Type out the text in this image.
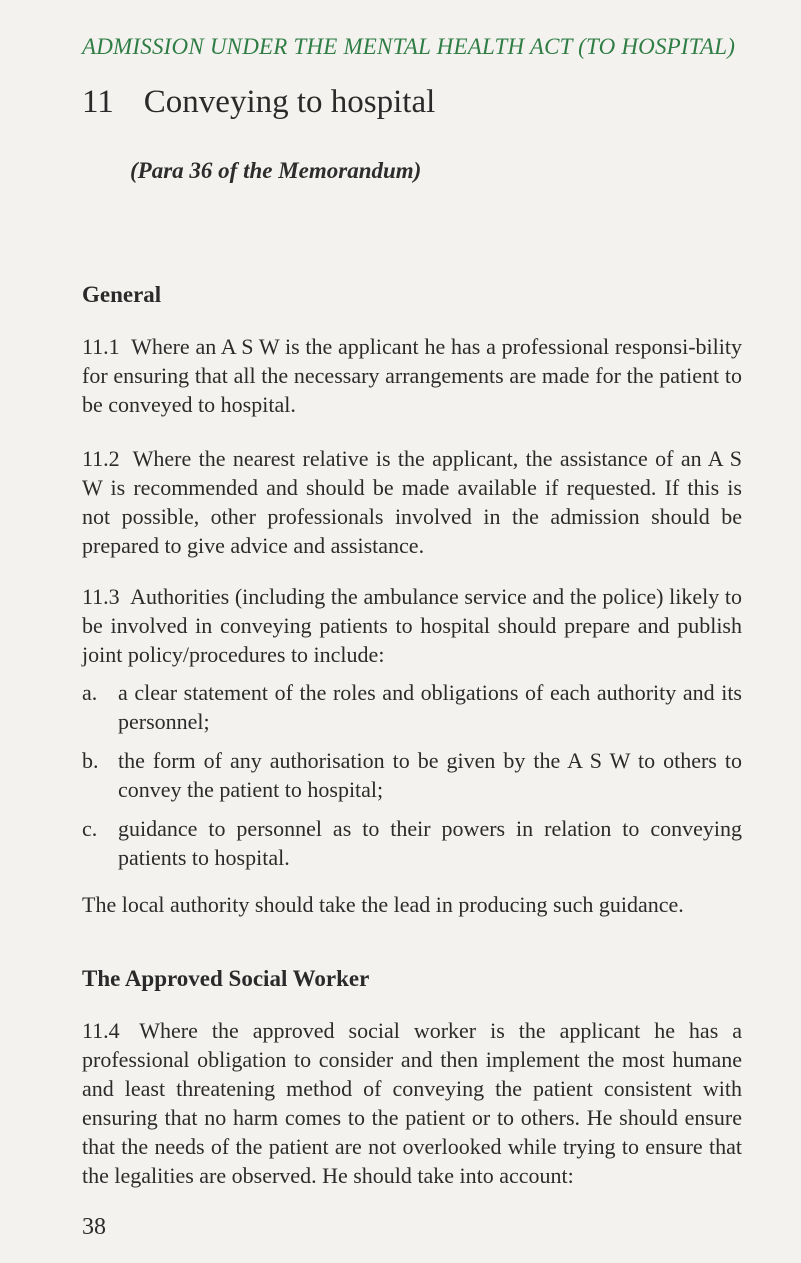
ADMISSION UNDER THE MENTAL HEALTH ACT (TO HOSPITAL)
11 Conveying to hospital
(Para 36 of the Memorandum)
General
11.1 Where an A S W is the applicant he has a professional responsi-bility for ensuring that all the necessary arrangements are made for the patient to be conveyed to hospital.
11.2 Where the nearest relative is the applicant, the assistance of an A S W is recommended and should be made available if requested. If this is not possible, other professionals involved in the admission should be prepared to give advice and assistance.
11.3 Authorities (including the ambulance service and the police) likely to be involved in conveying patients to hospital should prepare and publish joint policy/procedures to include:
a. a clear statement of the roles and obligations of each authority and its personnel;
b. the form of any authorisation to be given by the A S W to others to convey the patient to hospital;
c. guidance to personnel as to their powers in relation to conveying patients to hospital.
The local authority should take the lead in producing such guidance.
The Approved Social Worker
11.4 Where the approved social worker is the applicant he has a professional obligation to consider and then implement the most humane and least threatening method of conveying the patient consistent with ensuring that no harm comes to the patient or to others. He should ensure that the needs of the patient are not overlooked while trying to ensure that the legalities are observed. He should take into account:
38
